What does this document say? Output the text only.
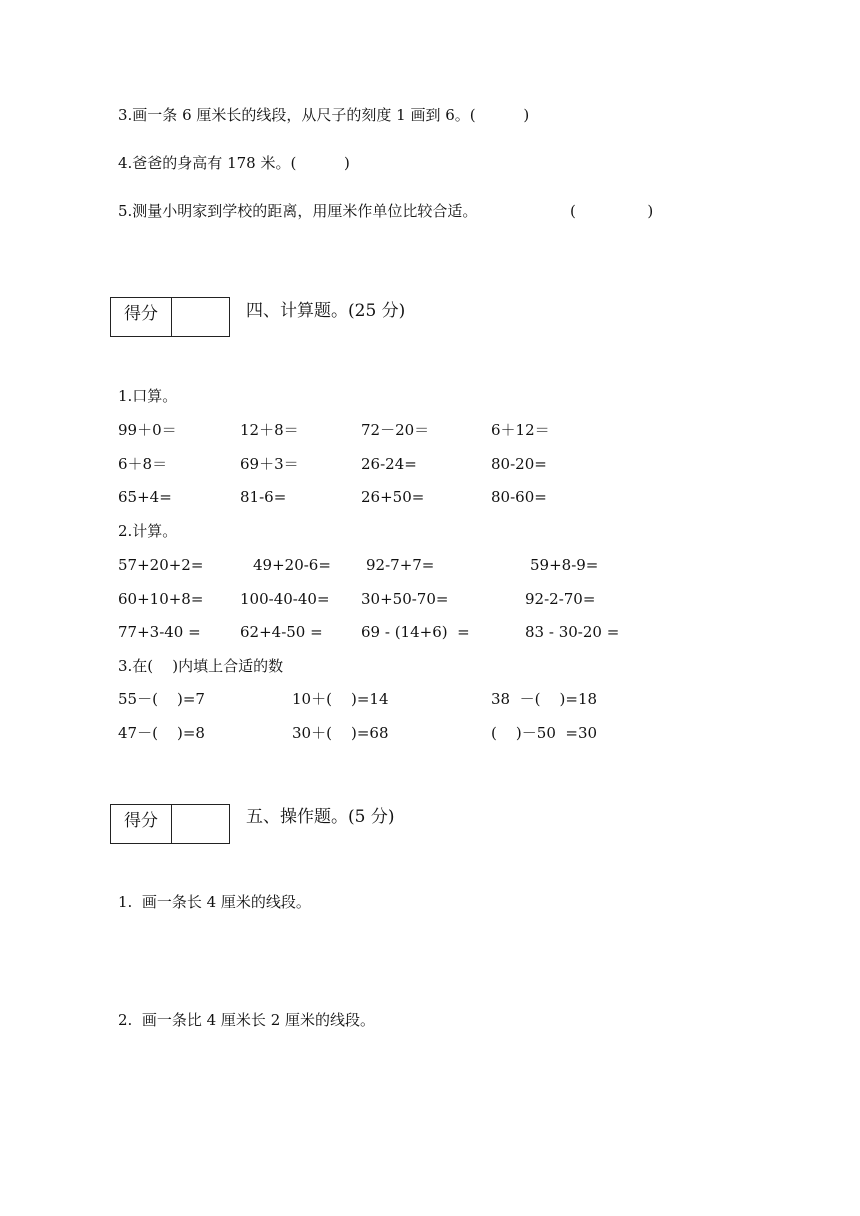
3.画一条 6 厘米长的线段，从尺子的刻度 1 画到 6。(          )
4.爸爸的身高有 178 米。(          )
5.测量小明家到学校的距离，用厘米作单位比较合适。	(               )
得分	四、计算题。(25 分)
1.口算。
99＋0＝	12＋8＝	72－20＝	6＋12＝
6＋8＝	69＋3＝	26-24=	80-20=
65+4=	81-6=	26+50=	80-60=
2.计算。
57+20+2=	49+20-6= 92-7+7=	59+8-9=
60+10+8= 100-40-40= 30+50-70=	92-2-70=
77+3-40 =	62+4-50 =	69 - (14+6)  =	83 - 30-20 =
3.在(    )内填上合适的数
55－(    )=7	10＋(    )=14	38  －(    )=18
47－(    )=8	30＋(    )=68	(    )－50  =30
得分	五、操作题。(5 分)
1.  画一条长 4 厘米的线段。
2.  画一条比 4 厘米长 2 厘米的线段。
